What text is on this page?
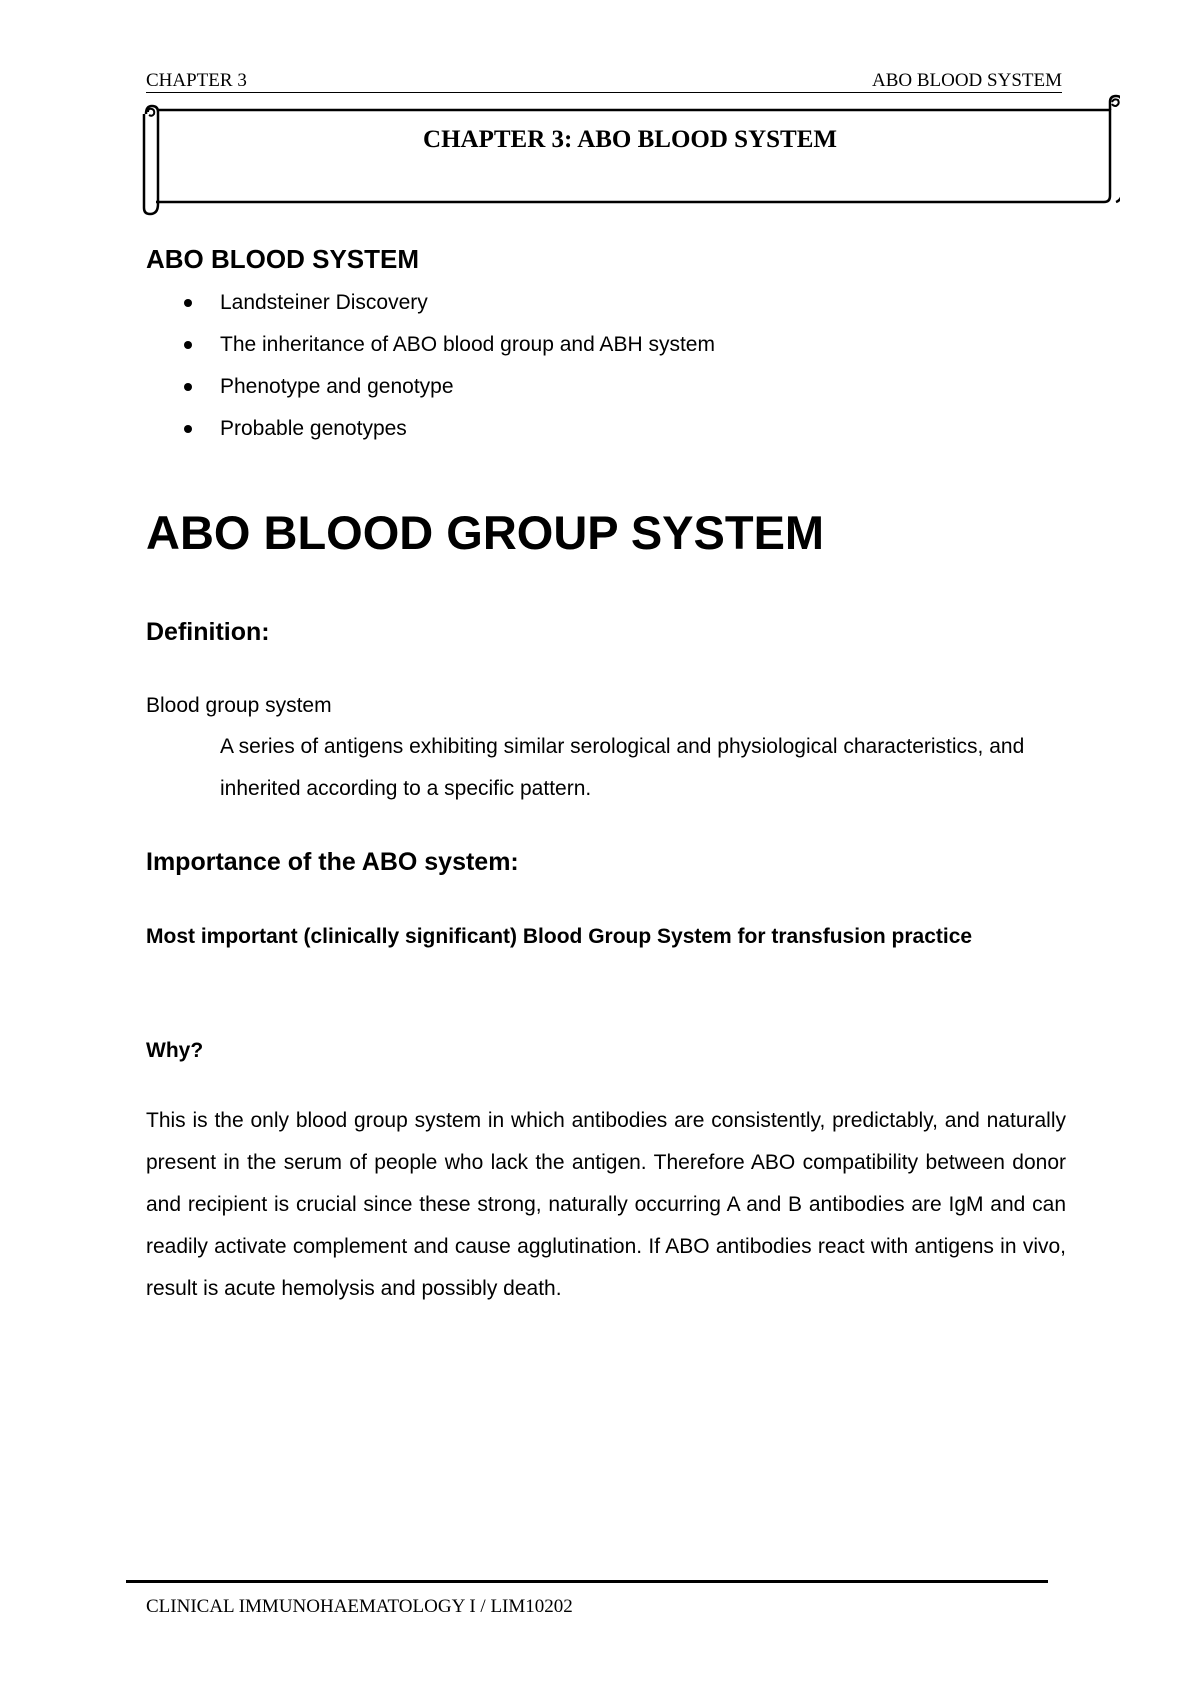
CHAPTER 3	ABO BLOOD SYSTEM
CHAPTER 3: ABO BLOOD SYSTEM
ABO BLOOD SYSTEM
Landsteiner Discovery
The inheritance of ABO blood group and ABH system
Phenotype and genotype
Probable genotypes
ABO BLOOD GROUP SYSTEM
Definition:
Blood group system
A series of antigens exhibiting similar serological and physiological characteristics, and inherited according to a specific pattern.
Importance of the ABO system:
Most important (clinically significant) Blood Group System for transfusion practice
Why?
This is the only blood group system in which antibodies are consistently, predictably, and naturally present in the serum of people who lack the antigen. Therefore ABO compatibility between donor and recipient is crucial since these strong, naturally occurring A and B antibodies are IgM and can readily activate complement and cause agglutination. If ABO antibodies react with antigens in vivo, result is acute hemolysis and possibly death.
CLINICAL IMMUNOHAEMATOLOGY I / LIM10202
